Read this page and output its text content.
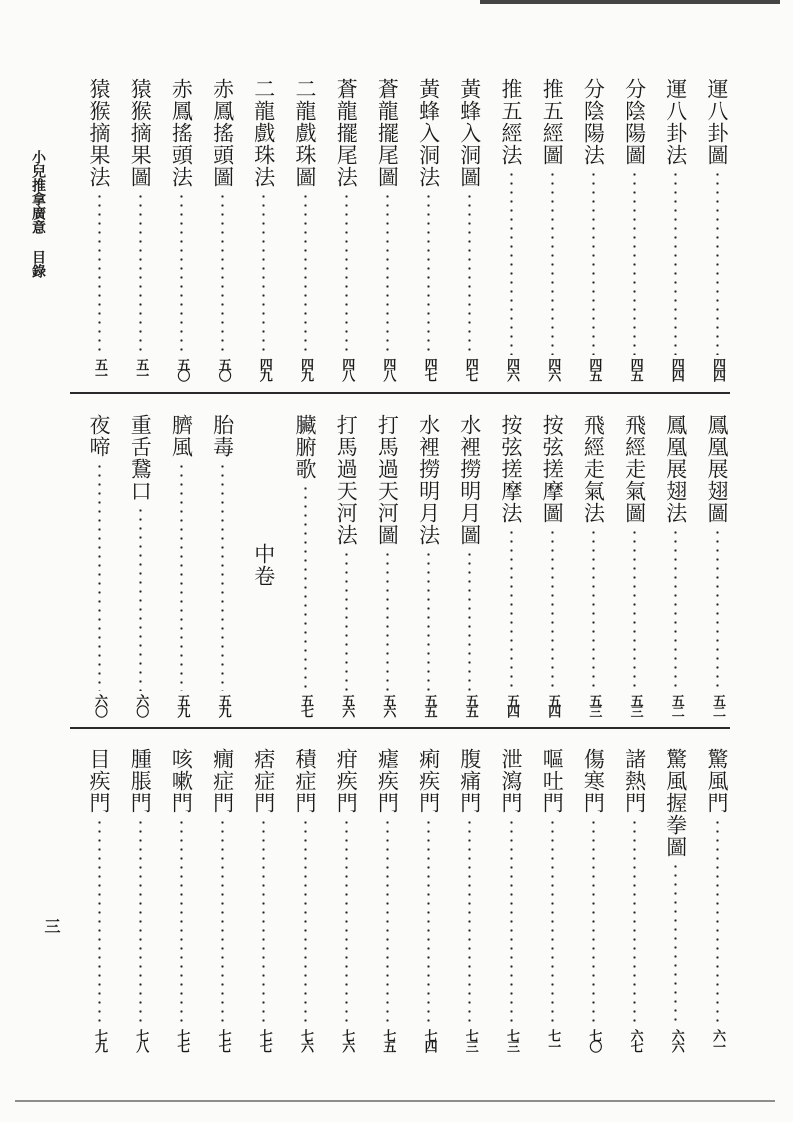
小兒推拿廣意
目錄
運八卦圖
四四
運八卦法
四四
分陰陽圖
四五
分陰陽法
四五
推五經圖
四六
推五經法
四六
黃蜂入洞圖
四七
黃蜂入洞法
四七
蒼龍擺尾圖
四八
蒼龍擺尾法
四八
二龍戲珠圖
四九
二龍戲珠法
四九
赤鳳搖頭圖
五〇
赤鳳搖頭法
五〇
猿猴摘果圖
五一
猿猴摘果法
五一
鳳凰展翅圖
五二
鳳凰展翅法
五二
飛經走氣圖
五三
飛經走氣法
五三
按弦搓摩圖
五四
按弦搓摩法
五四
水裡撈明月圖
五五
水裡撈明月法
五五
打馬過天河圖
五六
打馬過天河法
五六
臟腑歌
五七
中卷
胎毒
五九
臍風
五九
重舌鵞口
六〇
夜啼
六〇
驚風門
六一
驚風握拳圖
六六
諸熱門
六七
傷寒門
七〇
嘔吐門
七一
泄瀉門
七三
腹痛門
七三
痢疾門
七四
瘧疾門
七五
疳疾門
七六
積症門
七六
痞症門
七七
癇症門
七七
咳嗽門
七七
腫脹門
七八
目疾門
七九
三
